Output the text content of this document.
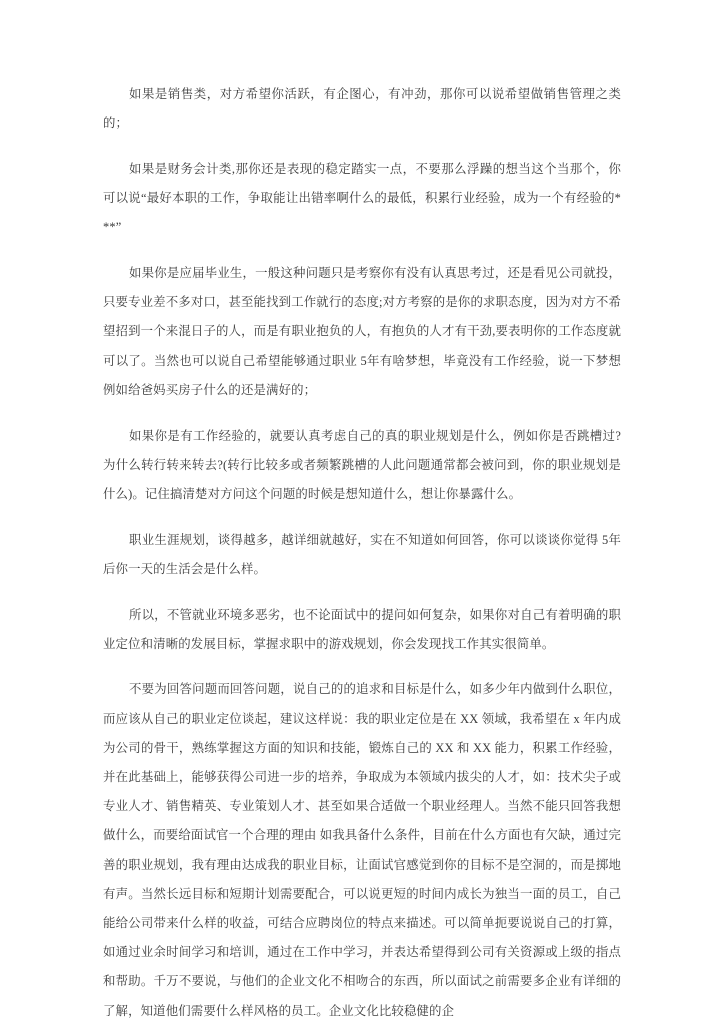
如果是销售类，对方希望你活跃，有企图心，有冲劲，那你可以说希望做销售管理之类的；

如果是财务会计类,那你还是表现的稳定踏实一点，不要那么浮躁的想当这个当那个，你可以说“最好本职的工作，争取能让出错率啊什么的最低，积累行业经验，成为一个有经验的***”

如果你是应届毕业生，一般这种问题只是考察你有没有认真思考过，还是看见公司就投，只要专业差不多对口，甚至能找到工作就行的态度;对方考察的是你的求职态度，因为对方不希望招到一个来混日子的人，而是有职业抱负的人，有抱负的人才有干劲,要表明你的工作态度就可以了。当然也可以说自己希望能够通过职业 5年有啥梦想，毕竟没有工作经验，说一下梦想例如给爸妈买房子什么的还是满好的；

如果你是有工作经验的，就要认真考虑自己的真的职业规划是什么，例如你是否跳槽过?为什么转行转来转去?(转行比较多或者频繁跳槽的人此问题通常都会被问到，你的职业规划是什么)。记住搞清楚对方问这个问题的时候是想知道什么，想让你暴露什么。

职业生涯规划，谈得越多，越详细就越好，实在不知道如何回答，你可以谈谈你觉得 5年后你一天的生活会是什么样。

所以，不管就业环境多恶劣，也不论面试中的提问如何复杂，如果你对自己有着明确的职业定位和清晰的发展目标，掌握求职中的游戏规划，你会发现找工作其实很简单。

不要为回答问题而回答问题，说自己的的追求和目标是什么，如多少年内做到什么职位，而应该从自己的职业定位谈起，建议这样说：我的职业定位是在 XX 领域，我希望在 x 年内成为公司的骨干，熟练掌握这方面的知识和技能，锻炼自己的 XX 和 XX 能力，积累工作经验，并在此基础上，能够获得公司进一步的培养，争取成为本领域内拔尖的人才，如：技术尖子或专业人才、销售精英、专业策划人才、甚至如果合适做一个职业经理人。当然不能只回答我想做什么，而要给面试官一个合理的理由 如我具备什么条件，目前在什么方面也有欠缺，通过完善的职业规划，我有理由达成我的职业目标，让面试官感觉到你的目标不是空洞的，而是掷地有声。当然长远目标和短期计划需要配合，可以说更短的时间内成长为独当一面的员工，自己能给公司带来什么样的收益，可结合应聘岗位的特点来描述。可以简单扼要说说自己的打算，如通过业余时间学习和培训，通过在工作中学习，并表达希望得到公司有关资源或上级的指点和帮助。千万不要说，与他们的企业文化不相吻合的东西，所以面试之前需要多企业有详细的了解，知道他们需要什么样风格的员工。企业文化比较稳健的企
